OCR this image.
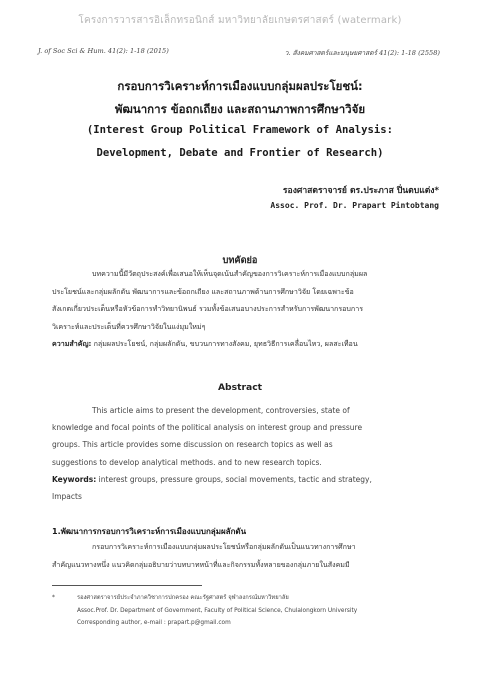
โครงการวารสารอิเล็กทรอนิกส์ มหาวิทยาลัยเกษตรศาสตร์ (watermark)
J. of Soc Sci & Hum. 41(2): 1-18 (2015)	ว. สังคมศาสตร์และมนุษยศาสตร์ 41(2): 1-18 (2558)
กรอบการวิเคราะห์การเมืองแบบกลุ่มผลประโยชน์:
พัฒนาการ ข้อถกเถียง และสถานภาพการศึกษาวิจัย
(Interest Group Political Framework of Analysis:
Development, Debate and Frontier of Research)
รองศาสตราจารย์ ดร.ประภาส ปิ่นตบแต่ง*
Assoc. Prof. Dr. Prapart Pintobtang
บทคัดย่อ
บทความนี้มีวัตถุประสงค์เพื่อเสนอให้เห็นจุดเน้นสำคัญของการวิเคราะห์การเมืองแบบกลุ่มผล
ประโยชน์และกลุ่มผลักดัน พัฒนาการและข้อถกเถียง และสถานภาพด้านการศึกษาวิจัย โดยเฉพาะข้อ
สังเกตเกี่ยวประเด็นหรือหัวข้อการทำวิทยานิพนธ์ รวมทั้งข้อเสนอบางประการสำหรับการพัฒนากรอบการ
วิเคราะห์และประเด็นที่ควรศึกษาวิจัยในแง่มุมใหม่ๆ
ความสำคัญ: กลุ่มผลประโยชน์, กลุ่มผลักดัน, ขบวนการทางสังคม, ยุทธวิธีการเคลื่อนไหว, ผลสะเทือน
Abstract
This article aims to present the development, controversies, state of
knowledge and focal points of the political analysis on interest group and pressure
groups. This article provides some discussion on research topics as well as
suggestions to develop analytical methods. and to new research topics.
Keywords: interest groups, pressure groups, social movements, tactic and strategy,
Impacts
1.พัฒนาการกรอบการวิเคราะห์การเมืองแบบกลุ่มผลักดัน
กรอบการวิเคราะห์การเมืองแบบกลุ่มผลประโยชน์หรือกลุ่มผลักดันเป็นแนวทางการศึกษา
สำคัญแนวทางหนึ่ง แนวคิดกลุ่มอธิบายว่าบทบาทหน้าที่และกิจกรรมทั้งหลายของกลุ่มภายในสังคมมี
*	รองศาสตราจารย์ประจำภาควิชาการปกครอง คณะรัฐศาสตร์ จุฬาลงกรณ์มหาวิทยาลัย
Assoc.Prof. Dr. Department of Government, Faculty of Political Science, Chulalongkorn University
Corresponding author, e-mail : prapart.p@gmail.com
